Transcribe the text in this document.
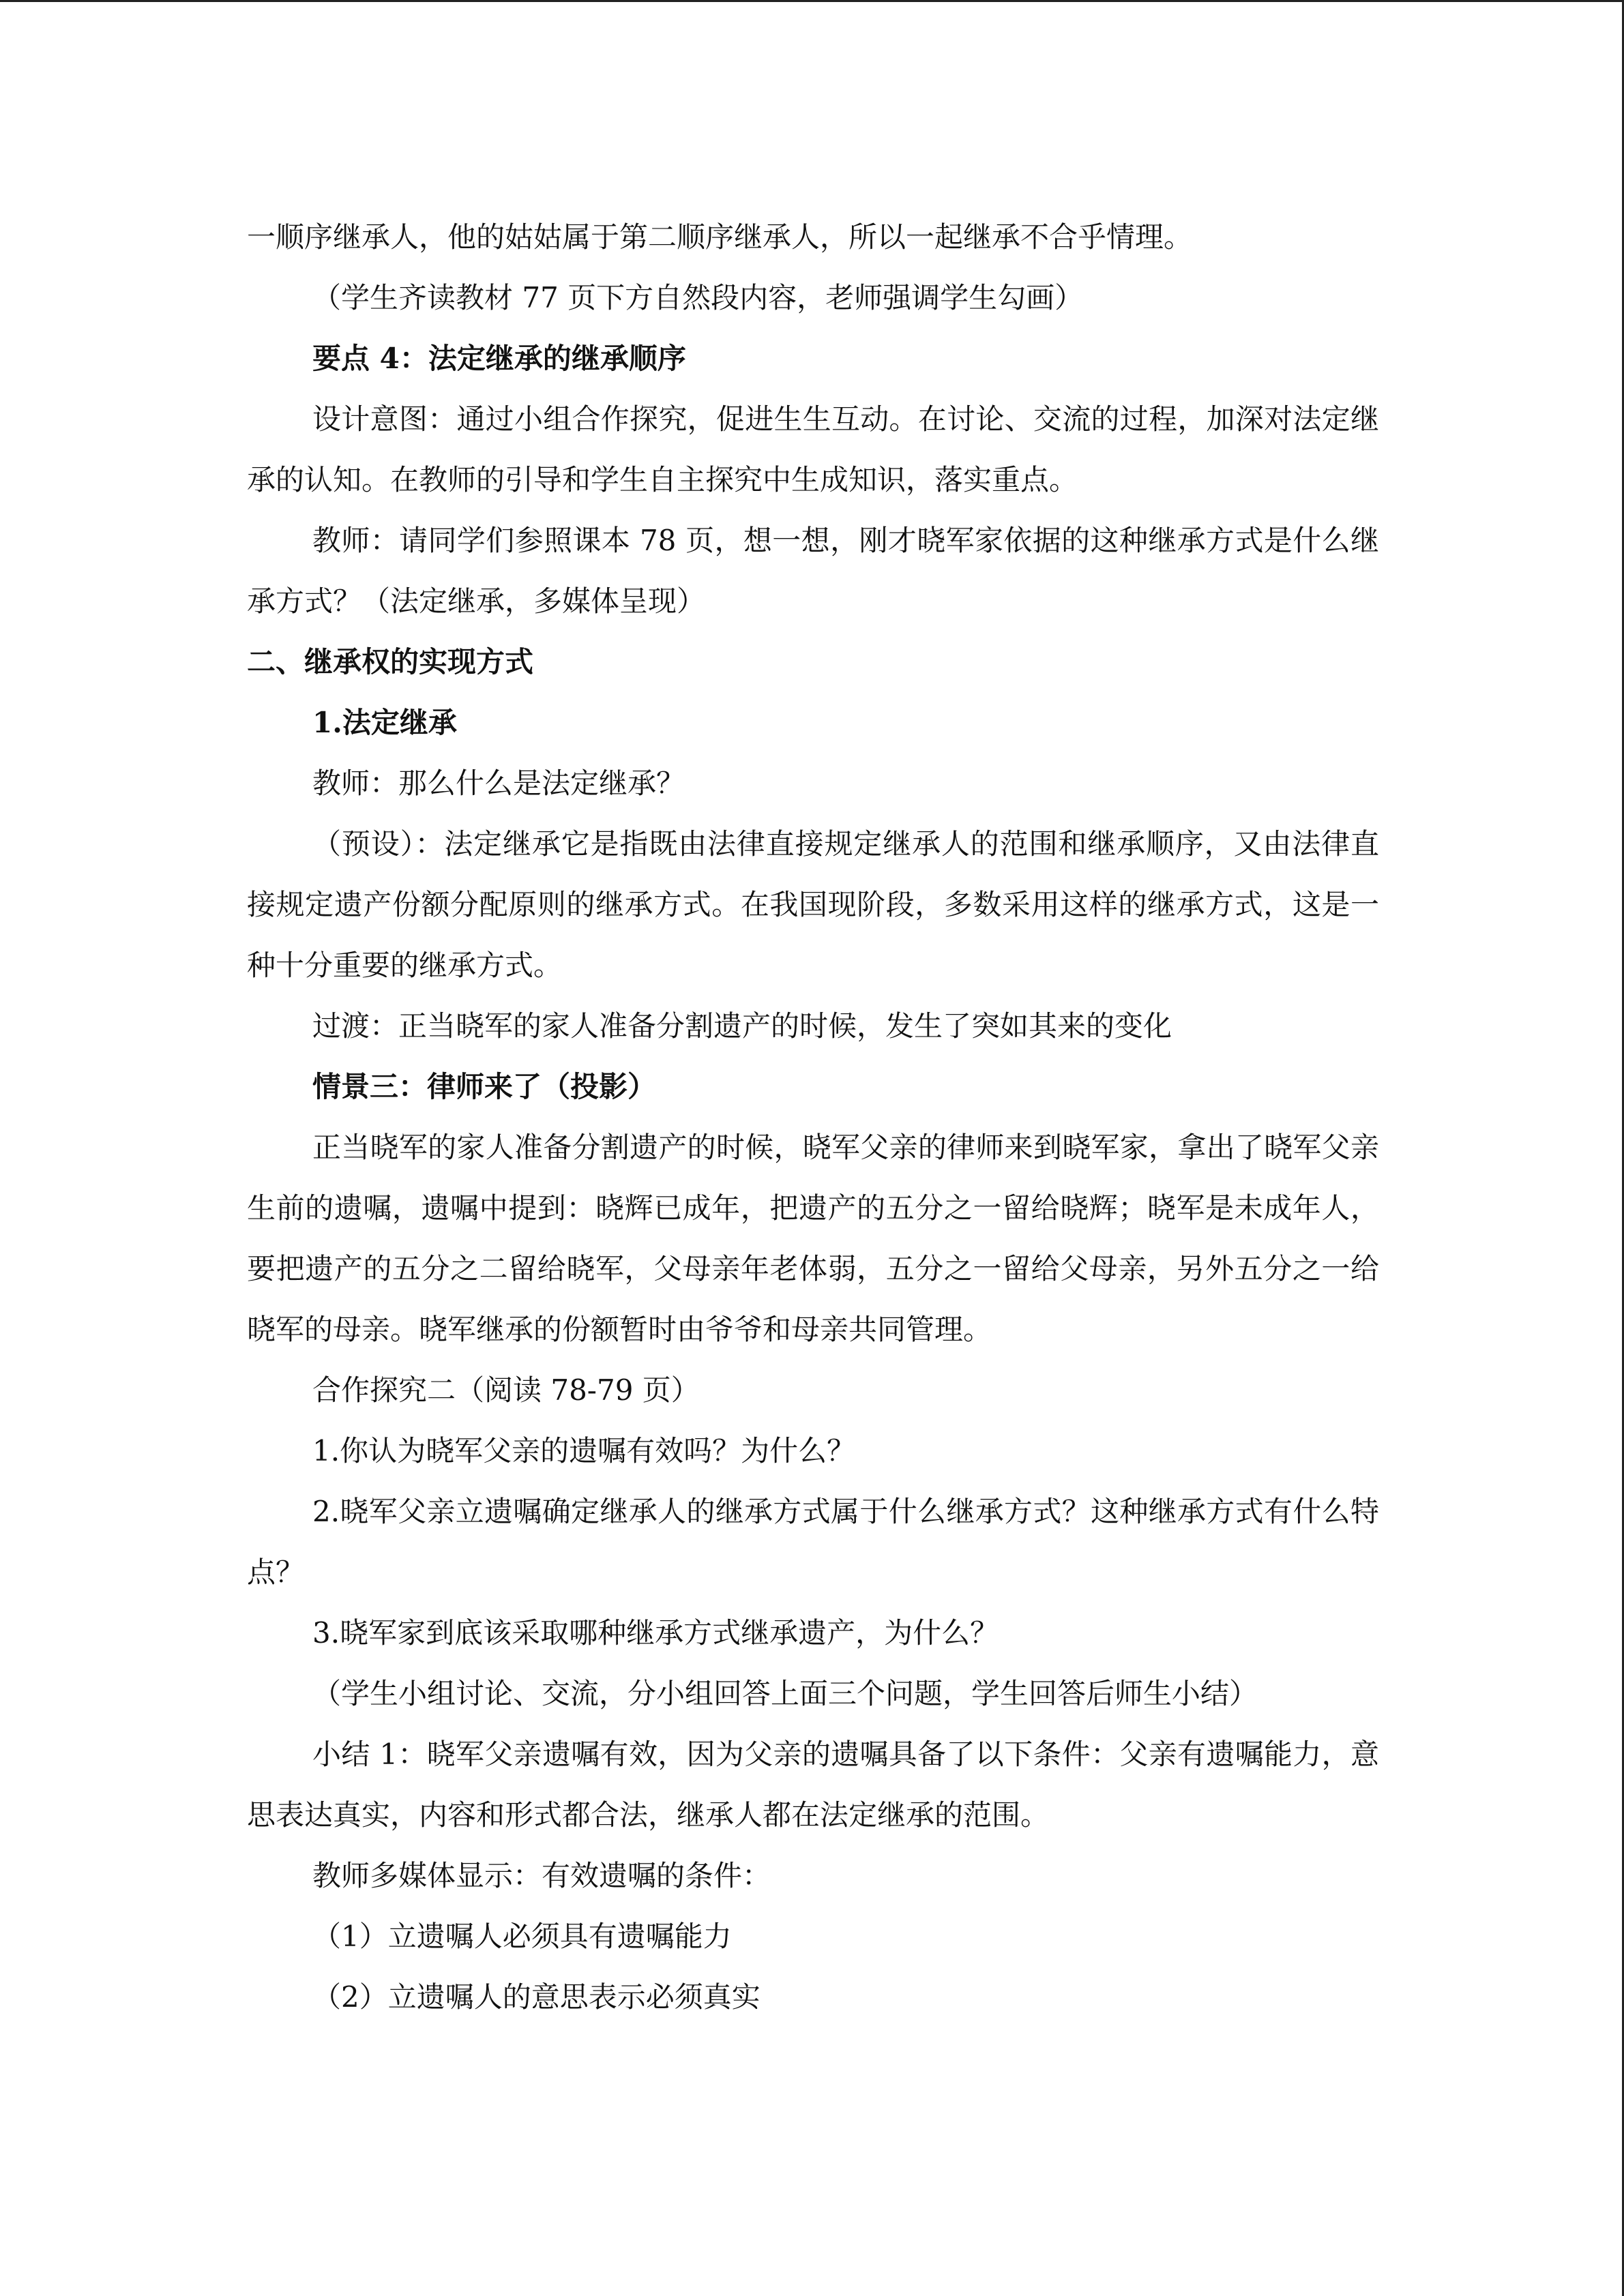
一顺序继承人，他的姑姑属于第二顺序继承人，所以一起继承不合乎情理。

（学生齐读教材 77 页下方自然段内容，老师强调学生勾画）

要点 4：法定继承的继承顺序

设计意图：通过小组合作探究，促进生生互动。在讨论、交流的过程，加深对法定继承的认知。在教师的引导和学生自主探究中生成知识，落实重点。

教师：请同学们参照课本 78 页，想一想，刚才晓军家依据的这种继承方式是什么继承方式？（法定继承，多媒体呈现）

二、继承权的实现方式

1.法定继承

教师：那么什么是法定继承？

（预设）：法定继承它是指既由法律直接规定继承人的范围和继承顺序，又由法律直接规定遗产份额分配原则的继承方式。在我国现阶段，多数采用这样的继承方式，这是一种十分重要的继承方式。

过渡：正当晓军的家人准备分割遗产的时候，发生了突如其来的变化

情景三：律师来了（投影）

正当晓军的家人准备分割遗产的时候，晓军父亲的律师来到晓军家，拿出了晓军父亲生前的遗嘱，遗嘱中提到：晓辉已成年，把遗产的五分之一留给晓辉；晓军是未成年人，要把遗产的五分之二留给晓军，父母亲年老体弱，五分之一留给父母亲，另外五分之一给晓军的母亲。晓军继承的份额暂时由爷爷和母亲共同管理。

合作探究二（阅读 78-79 页）

1.你认为晓军父亲的遗嘱有效吗？为什么？

2.晓军父亲立遗嘱确定继承人的继承方式属于什么继承方式？这种继承方式有什么特点？

3.晓军家到底该采取哪种继承方式继承遗产，为什么？

（学生小组讨论、交流，分小组回答上面三个问题，学生回答后师生小结）

小结 1：晓军父亲遗嘱有效，因为父亲的遗嘱具备了以下条件：父亲有遗嘱能力，意思表达真实，内容和形式都合法，继承人都在法定继承的范围。

教师多媒体显示：有效遗嘱的条件：

（1）立遗嘱人必须具有遗嘱能力

（2）立遗嘱人的意思表示必须真实
